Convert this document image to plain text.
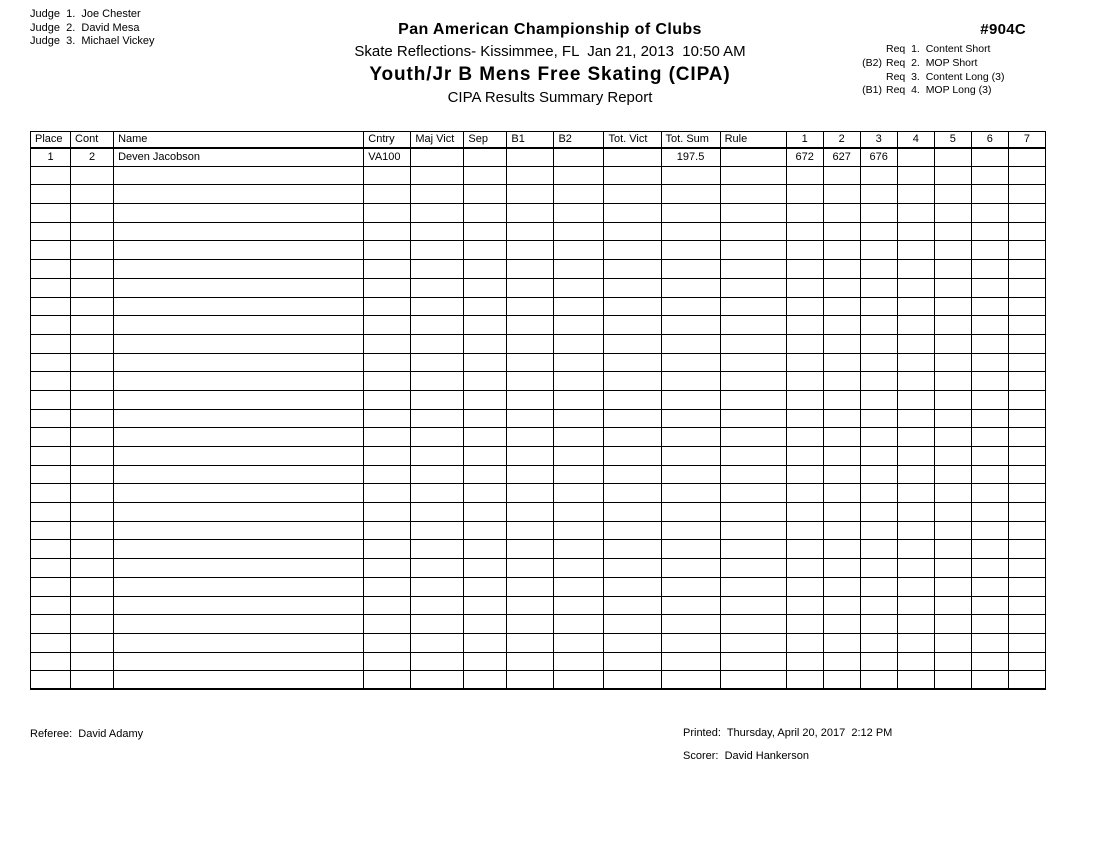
Judge  1.  Joe Chester
Judge  2.  David Mesa
Judge  3.  Michael Vickey
Pan American Championship of Clubs
Skate Reflections- Kissimmee, FL  Jan 21, 2013  10:50 AM
Youth/Jr B Mens Free Skating (CIPA)
CIPA Results Summary Report
#904C
Req  1.  Content Short
(B2) Req  2.  MOP Short
Req  3.  Content Long (3)
(B1) Req  4.  MOP Long (3)
Place	Cont	Name	Cntry	Maj Vict	Sep	B1	B2	Tot. Vict	Tot. Sum	Rule	1	2	3	4	5	6	7
1	2	Deven Jacobson	VA100						197.5		672	627	676				

Referee:  David Adamy	Printed:  Thursday, April 20, 2017  2:12 PM
Scorer:  David Hankerson
